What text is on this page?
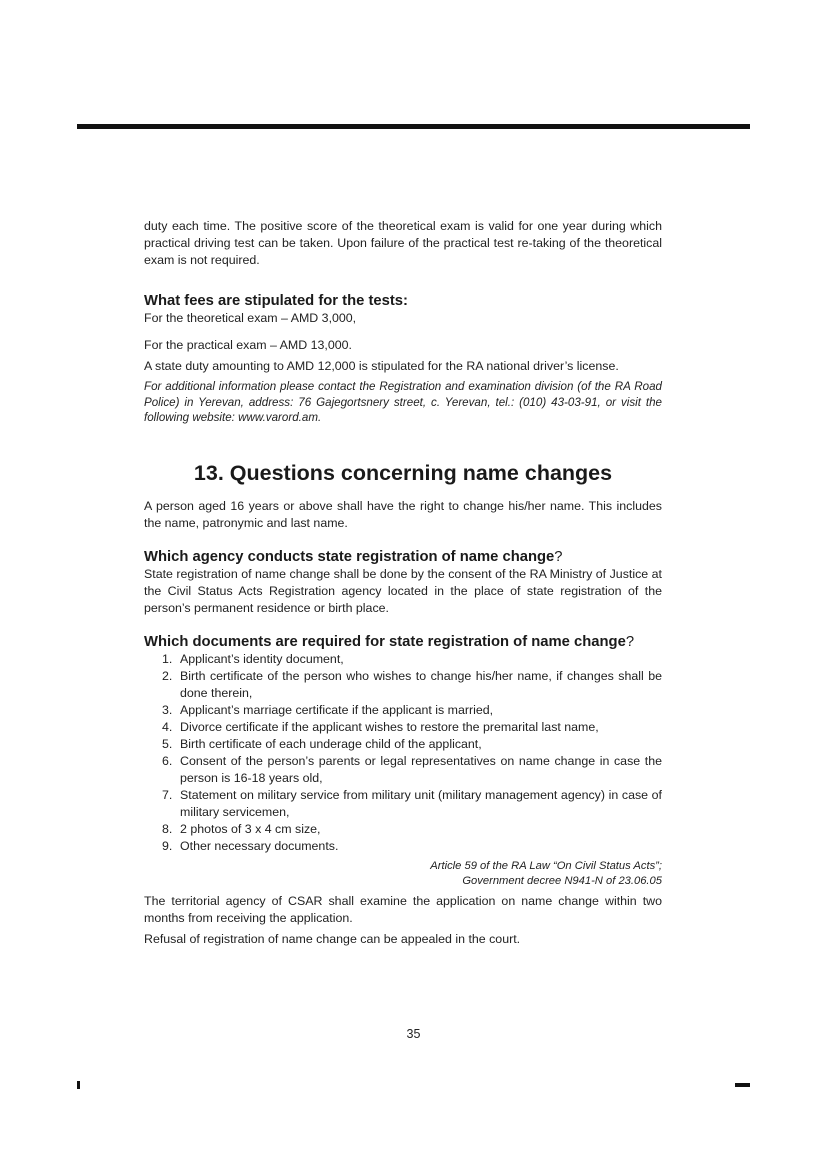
duty each time. The positive score of the theoretical exam is valid for one year during which practical driving test can be taken. Upon failure of the practical test re-taking of the theoretical exam is not required.

What fees are stipulated for the tests:

For the theoretical exam – AMD 3,000,

For the practical exam – AMD 13,000.

A state duty amounting to AMD 12,000 is stipulated for the RA national driver’s license.

For additional information please contact the Registration and examination division (of the RA Road Police) in Yerevan, address: 76 Gajegortsnery street, c. Yerevan, tel.: (010) 43-03-91, or visit the following website: www.varord.am.

13. Questions concerning name changes

A person aged 16 years or above shall have the right to change his/her name. This includes the name, patronymic and last name.

Which agency conducts state registration of name change?

State registration of name change shall be done by the consent of the RA Ministry of Justice at the Civil Status Acts Registration agency located in the place of state registration of the person’s permanent residence or birth place.

Which documents are required for state registration of name change?

1. Applicant’s identity document,
2. Birth certificate of the person who wishes to change his/her name, if changes shall be done therein,
3. Applicant’s marriage certificate if the applicant is married,
4. Divorce certificate if the applicant wishes to restore the premarital last name,
5. Birth certificate of each underage child of the applicant,
6. Consent of the person’s parents or legal representatives on name change in case the person is 16-18 years old,
7. Statement on military service from military unit (military management agency) in case of military servicemen,
8. 2 photos of 3 x 4 cm size,
9. Other necessary documents.

Article 59 of the RA Law “On Civil Status Acts”;

Government decree N941-N of 23.06.05

The territorial agency of CSAR shall examine the application on name change within two months from receiving the application.

Refusal of registration of name change can be appealed in the court.

35
